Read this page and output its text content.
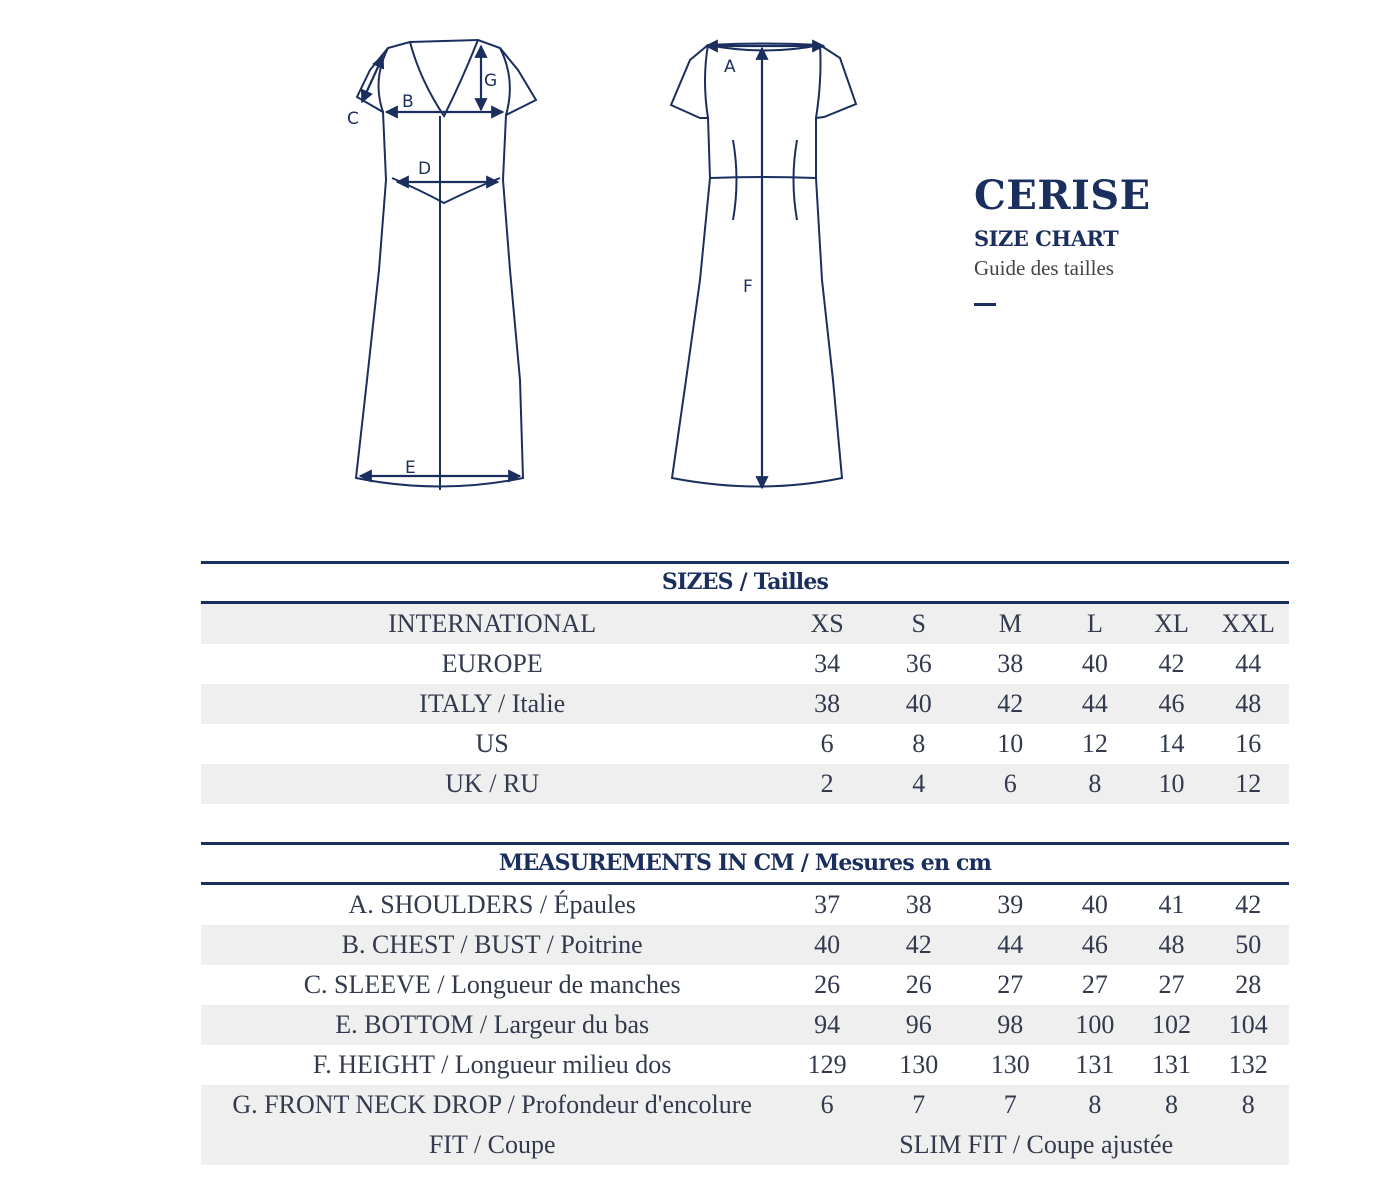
B
C
D
E
G
A
F
CERISE
SIZE CHART
Guide des tailles
SIZES / Tailles
INTERNATIONAL	XS	S	M	L	XL	XXL
EUROPE	34	36	38	40	42	44
ITALY / Italie	38	40	42	44	46	48
US	6	8	10	12	14	16
UK / RU	2	4	6	8	10	12
MEASUREMENTS IN CM / Mesures en cm
A. SHOULDERS / Épaules	37	38	39	40	41	42
B. CHEST / BUST / Poitrine	40	42	44	46	48	50
C. SLEEVE / Longueur de manches	26	26	27	27	27	28
E. BOTTOM / Largeur du bas	94	96	98	100	102	104
F. HEIGHT / Longueur milieu dos	129	130	130	131	131	132
G. FRONT NECK DROP / Profondeur d'encolure	6	7	7	8	8	8
FIT / Coupe	SLIM FIT / Coupe ajustée
